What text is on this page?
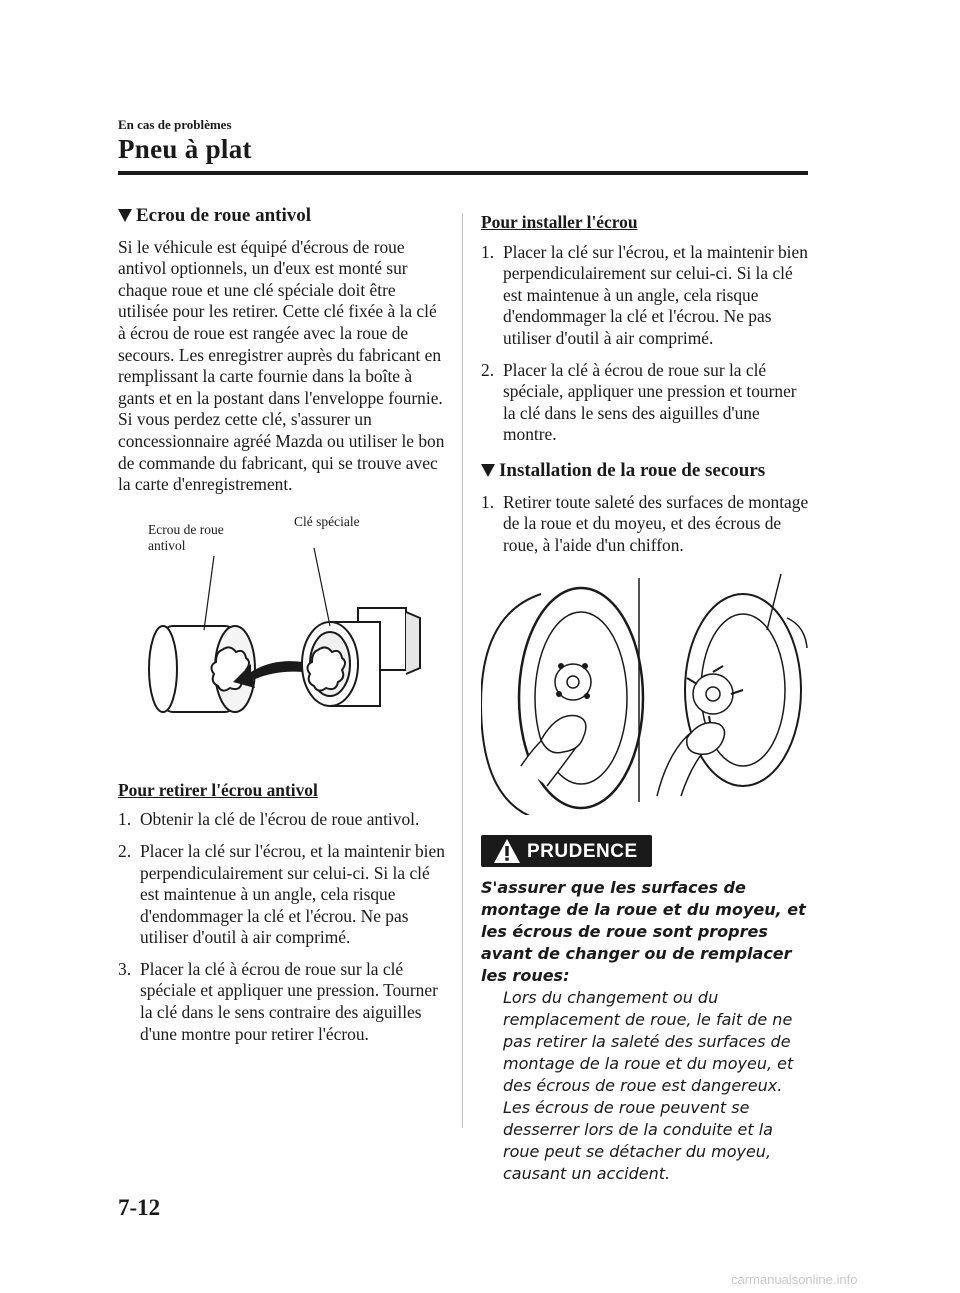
En cas de problèmes
Pneu à plat
Ecrou de roue antivol

Si le véhicule est équipé d'écrous de roue antivol optionnels, un d'eux est monté sur chaque roue et une clé spéciale doit être utilisée pour les retirer. Cette clé fixée à la clé à écrou de roue est rangée avec la roue de secours. Les enregistrer auprès du fabricant en remplissant la carte fournie dans la boîte à gants et en la postant dans l'enveloppe fournie. Si vous perdez cette clé, s'assurer un concessionnaire agréé Mazda ou utiliser le bon de commande du fabricant, qui se trouve avec la carte d'enregistrement.

Ecrou de roue
antivol
Clé spéciale
Pour retirer l'écrou antivol
1. Obtenir la clé de l'écrou de roue antivol.
2. Placer la clé sur l'écrou, et la maintenir bien perpendiculairement sur celui-ci. Si la clé est maintenue à un angle, cela risque d'endommager la clé et l'écrou. Ne pas utiliser d'outil à air comprimé.
3. Placer la clé à écrou de roue sur la clé spéciale et appliquer une pression. Tourner la clé dans le sens contraire des aiguilles d'une montre pour retirer l'écrou.
Pour installer l'écrou
1. Placer la clé sur l'écrou, et la maintenir bien perpendiculairement sur celui-ci. Si la clé est maintenue à un angle, cela risque d'endommager la clé et l'écrou. Ne pas utiliser d'outil à air comprimé.
2. Placer la clé à écrou de roue sur la clé spéciale, appliquer une pression et tourner la clé dans le sens des aiguilles d'une montre.
Installation de la roue de secours
1. Retirer toute saleté des surfaces de montage de la roue et du moyeu, et des écrous de roue, à l'aide d'un chiffon.
PRUDENCE

S'assurer que les surfaces de montage de la roue et du moyeu, et les écrous de roue sont propres avant de changer ou de remplacer les roues:

Lors du changement ou du remplacement de roue, le fait de ne pas retirer la saleté des surfaces de montage de la roue et du moyeu, et des écrous de roue est dangereux. Les écrous de roue peuvent se desserrer lors de la conduite et la roue peut se détacher du moyeu, causant un accident.

7-12
carmanualsonline.info
